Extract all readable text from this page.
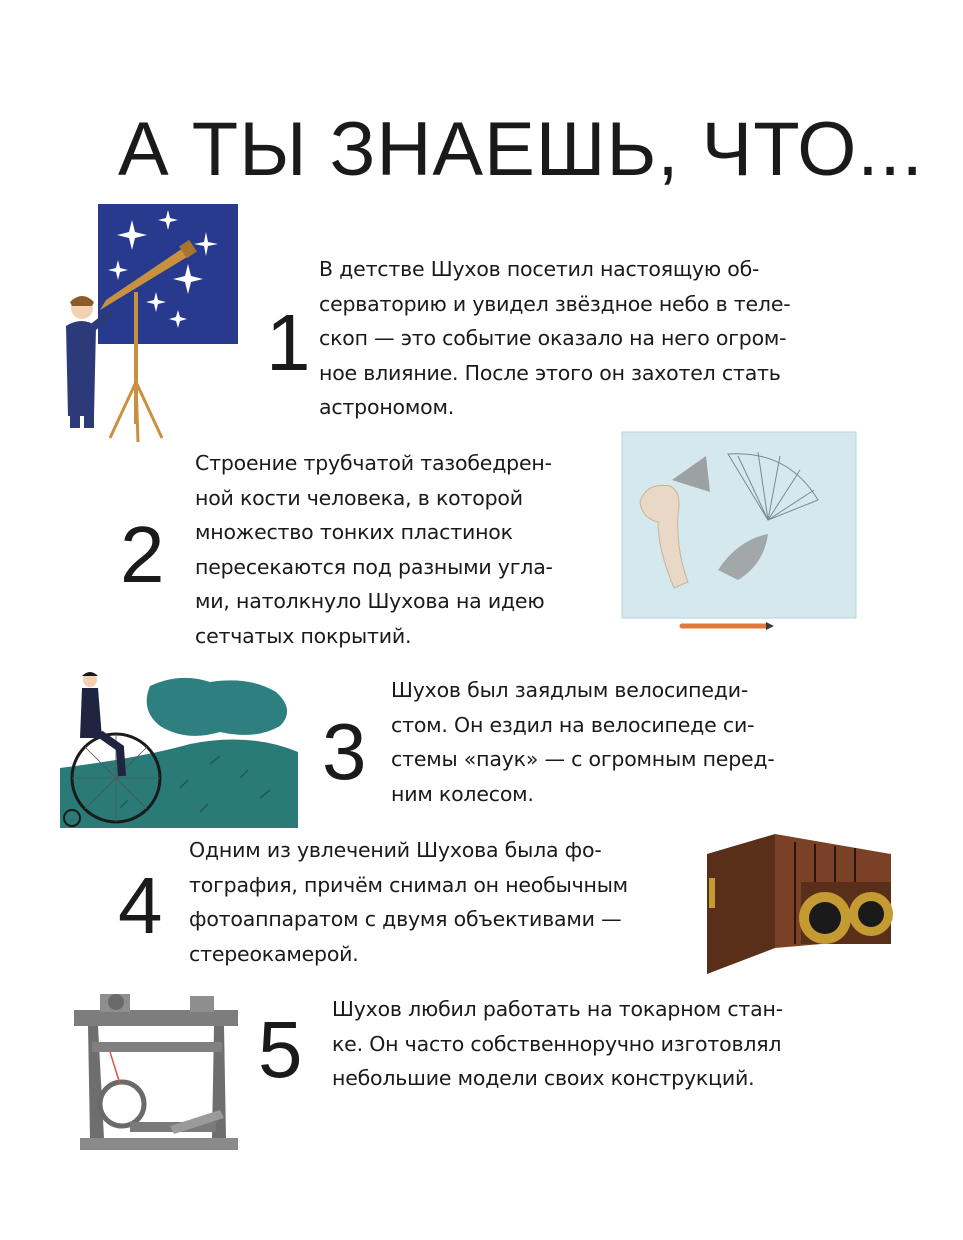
А ТЫ ЗНАЕШЬ, ЧТО...
1

В детстве Шухов посетил настоящую об-
серваторию и увидел звёздное небо в теле-
скоп — это событие оказало на него огром-
ное влияние. После этого он захотел стать
астрономом.

2

Строение трубчатой тазобедрен-
ной кости человека, в которой
множество тонких пластинок
пересекаются под разными угла-
ми, натолкнуло Шухова на идею
сетчатых покрытий.

3

Шухов был заядлым велосипеди-
стом. Он ездил на велосипеде си-
стемы «паук» — с огромным перед-
ним колесом.

4

Одним из увлечений Шухова была фо-
тография, причём снимал он необычным
фотоаппаратом с двумя объективами —
стереокамерой.

5 Шухов любил работать на токарном стан-
ке. Он часто собственноручно изготовлял
небольшие модели своих конструкций.
